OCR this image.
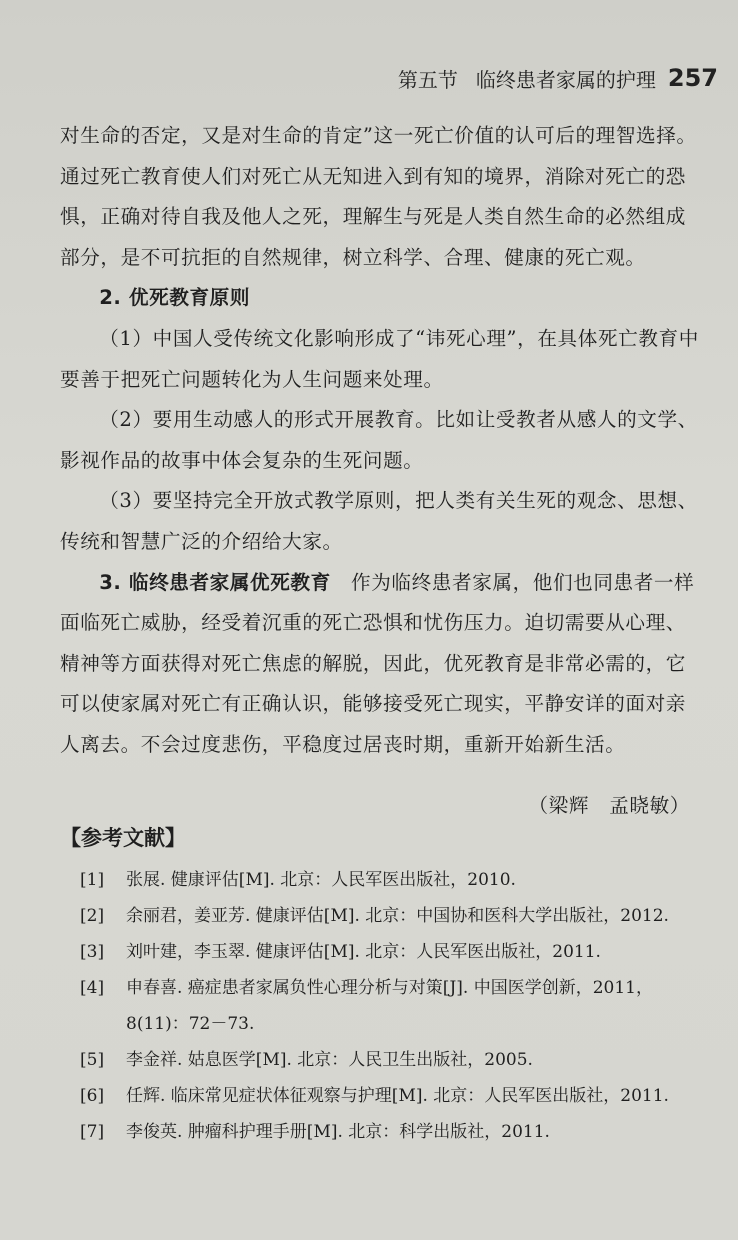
第五节 临终患者家属的护理 257

对生命的否定，又是对生命的肯定”这一死亡价值的认可后的理智选择。通过死亡教育使人们对死亡从无知进入到有知的境界，消除对死亡的恐惧，正确对待自我及他人之死，理解生与死是人类自然生命的必然组成部分，是不可抗拒的自然规律，树立科学、合理、健康的死亡观。

2. 优死教育原则

（1）中国人受传统文化影响形成了“讳死心理”，在具体死亡教育中要善于把死亡问题转化为人生问题来处理。

（2）要用生动感人的形式开展教育。比如让受教者从感人的文学、影视作品的故事中体会复杂的生死问题。

（3）要坚持完全开放式教学原则，把人类有关生死的观念、思想、传统和智慧广泛的介绍给大家。

3. 临终患者家属优死教育　 作为临终患者家属，他们也同患者一样面临死亡威胁，经受着沉重的死亡恐惧和忧伤压力。迫切需要从心理、精神等方面获得对死亡焦虑的解脱，因此，优死教育是非常必需的，它可以使家属对死亡有正确认识，能够接受死亡现实，平静安详的面对亲人离去。不会过度悲伤，平稳度过居丧时期，重新开始新生活。

（梁辉　孟晓敏）

【参考文献】
[1]	张展. 健康评估[M]. 北京：人民军医出版社，2010.
[2]	余丽君，姜亚芳. 健康评估[M]. 北京：中国协和医科大学出版社，2012.
[3]	刘叶建，李玉翠. 健康评估[M]. 北京：人民军医出版社，2011.
[4]	申春喜. 癌症患者家属负性心理分析与对策[J]. 中国医学创新，2011，8(11)：72－73.
[5]	李金祥. 姑息医学[M]. 北京：人民卫生出版社，2005.
[6]	任辉. 临床常见症状体征观察与护理[M]. 北京：人民军医出版社，2011.
[7]	李俊英. 肿瘤科护理手册[M]. 北京：科学出版社，2011.
